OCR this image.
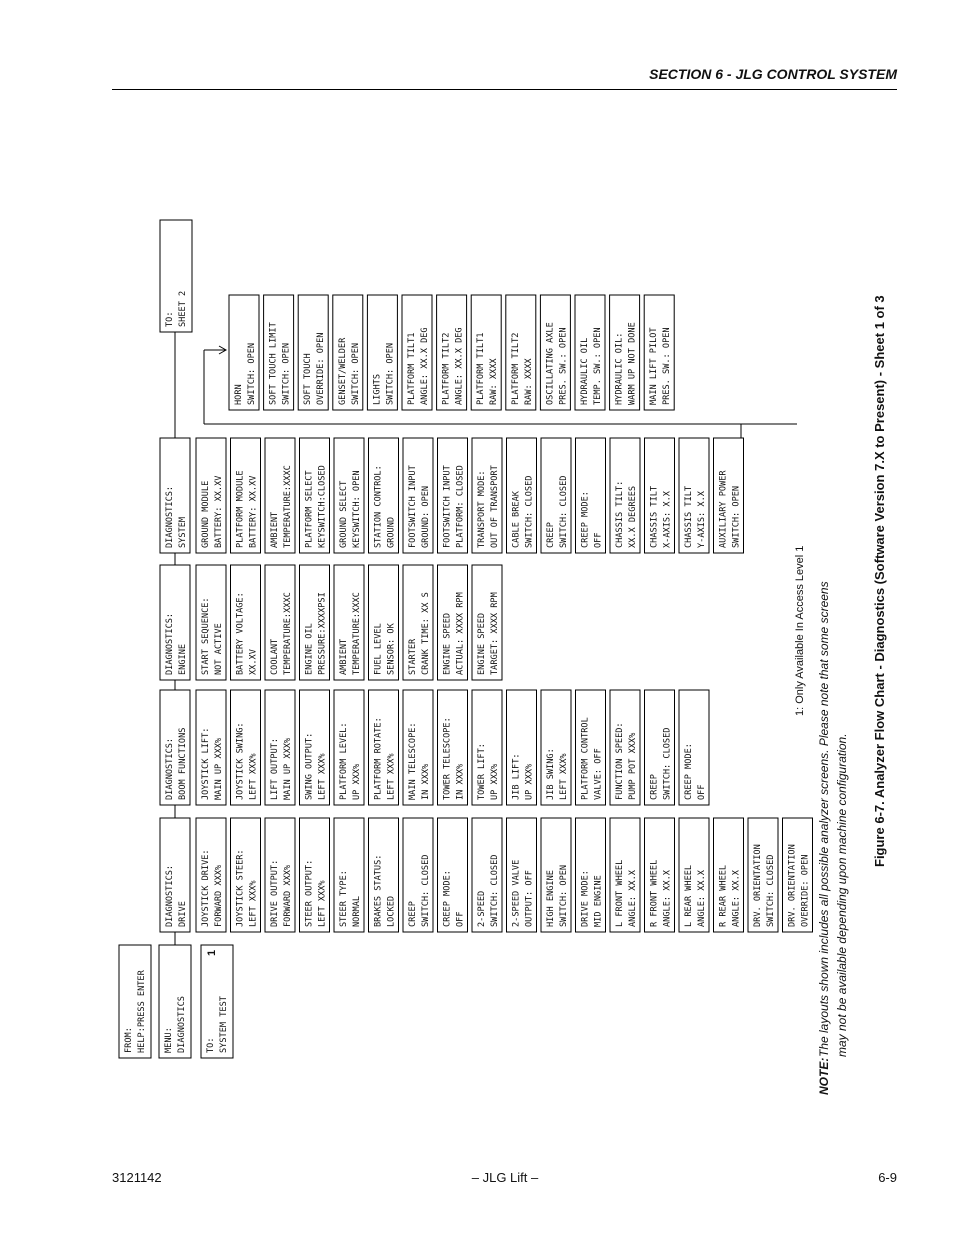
SECTION 6 - JLG CONTROL SYSTEM
FROM: HELP:PRESS ENTER MENU: DIAGNOSTICS TO: SYSTEM TEST
TO: SHEET 2
DIAGNOSTICS: DRIVE JOYSTICK DRIVE: FORWARD XXX% JOYSTICK STEER: LEFT XXX% DRIVE OUTPUT: FORWARD XXX% STEER OUTPUT: LEFT XXX% STEER TYPE: NORMAL BRAKES STATUS: LOCKED CREEP SWITCH: CLOSED CREEP MODE: OFF 2-SPEED SWITCH: CLOSED 2-SPEED VALVE OUTPUT: OFF HIGH ENGINE SWITCH: OPEN DRIVE MODE: MID ENGINE L FRONT WHEEL ANGLE: XX.X R FRONT WHEEL ANGLE: XX.X L REAR WHEEL ANGLE: XX.X R REAR WHEEL ANGLE: XX.X DRV. ORIENTATION SWITCH: CLOSED DRV. ORIENTATION OVERRIDE: OPEN
DIAGNOSTICS: BOOM FUNCTIONS JOYSTICK LIFT: MAIN UP XXX% JOYSTICK SWING: LEFT XXX% LIFT OUTPUT: MAIN UP XXX% SWING OUTPUT: LEFT XXX% PLATFORM LEVEL: UP XXX% PLATFORM ROTATE: LEFT XXX% MAIN TELESCOPE: IN XXX% TOWER TELESCOPE: IN XXX% TOWER LIFT: UP XXX% JIB LIFT: UP XXX% JIB SWING: LEFT XXX% PLATFORM CONTROL VALVE: OFF FUNCTION SPEED: PUMP POT XXX% CREEP SWITCH: CLOSED CREEP MODE: OFF
DIAGNOSTICS: ENGINE START SEQUENCE: NOT ACTIVE BATTERY VOLTAGE: XX.XV COOLANT TEMPERATURE:XXXC ENGINE OIL PRESSURE:XXXXPSI AMBIENT TEMPERATURE:XXXC FUEL LEVEL SENSOR: OK STARTER CRANK TIME: XX S ENGINE SPEED ACTUAL: XXXX RPM ENGINE SPEED TARGET: XXXX RPM
DIAGNOSTICS: SYSTEM GROUND MODULE BATTERY: XX.XV PLATFORM MODULE BATTERY: XX.XV AMBIENT TEMPERATURE:XXXC PLATFORM SELECT KEYSWITCH:CLOSED GROUND SELECT KEYSWITCH: OPEN STATION CONTROL: GROUND FOOTSWITCH INPUT GROUND: OPEN FOOTSWITCH INPUT PLATFORM: CLOSED TRANSPORT MODE: OUT OF TRANSPORT CABLE BREAK SWITCH: CLOSED CREEP SWITCH: CLOSED CREEP MODE: OFF CHASSIS TILT: XX.X DEGREES CHASSIS TILT X-AXIS: X.X CHASSIS TILT Y-AXIS: X.X AUXILIARY POWER SWITCH: OPEN
HORN SWITCH: OPEN SOFT TOUCH LIMIT SWITCH: OPEN SOFT TOUCH OVERRIDE: OPEN GENSET/WELDER SWITCH: OPEN LIGHTS SWITCH: OPEN PLATFORM TILT1 ANGLE: XX.X DEG PLATFORM TILT2 ANGLE: XX.X DEG PLATFORM TILT1 RAW: XXXX PLATFORM TILT2 RAW: XXXX OSCILLATING AXLE PRES. SW.: OPEN HYDRAULIC OIL TEMP. SW.: OPEN HYDRAULIC OIL: WARM UP NOT DONE MAIN LIFT PILOT PRES. SW.: OPEN	Figure 6-7. Analyzer Flow Chart - Diagnostics (Software Version 7.X to Present) - Sheet 1 of 3
NOTE:
The layouts shown includes all possible analyzer screens. Please note that some screens may not be available depending upon machine configuration.
1: Only Available In Access Level 1
1
3121142	– JLG Lift –	6-9
